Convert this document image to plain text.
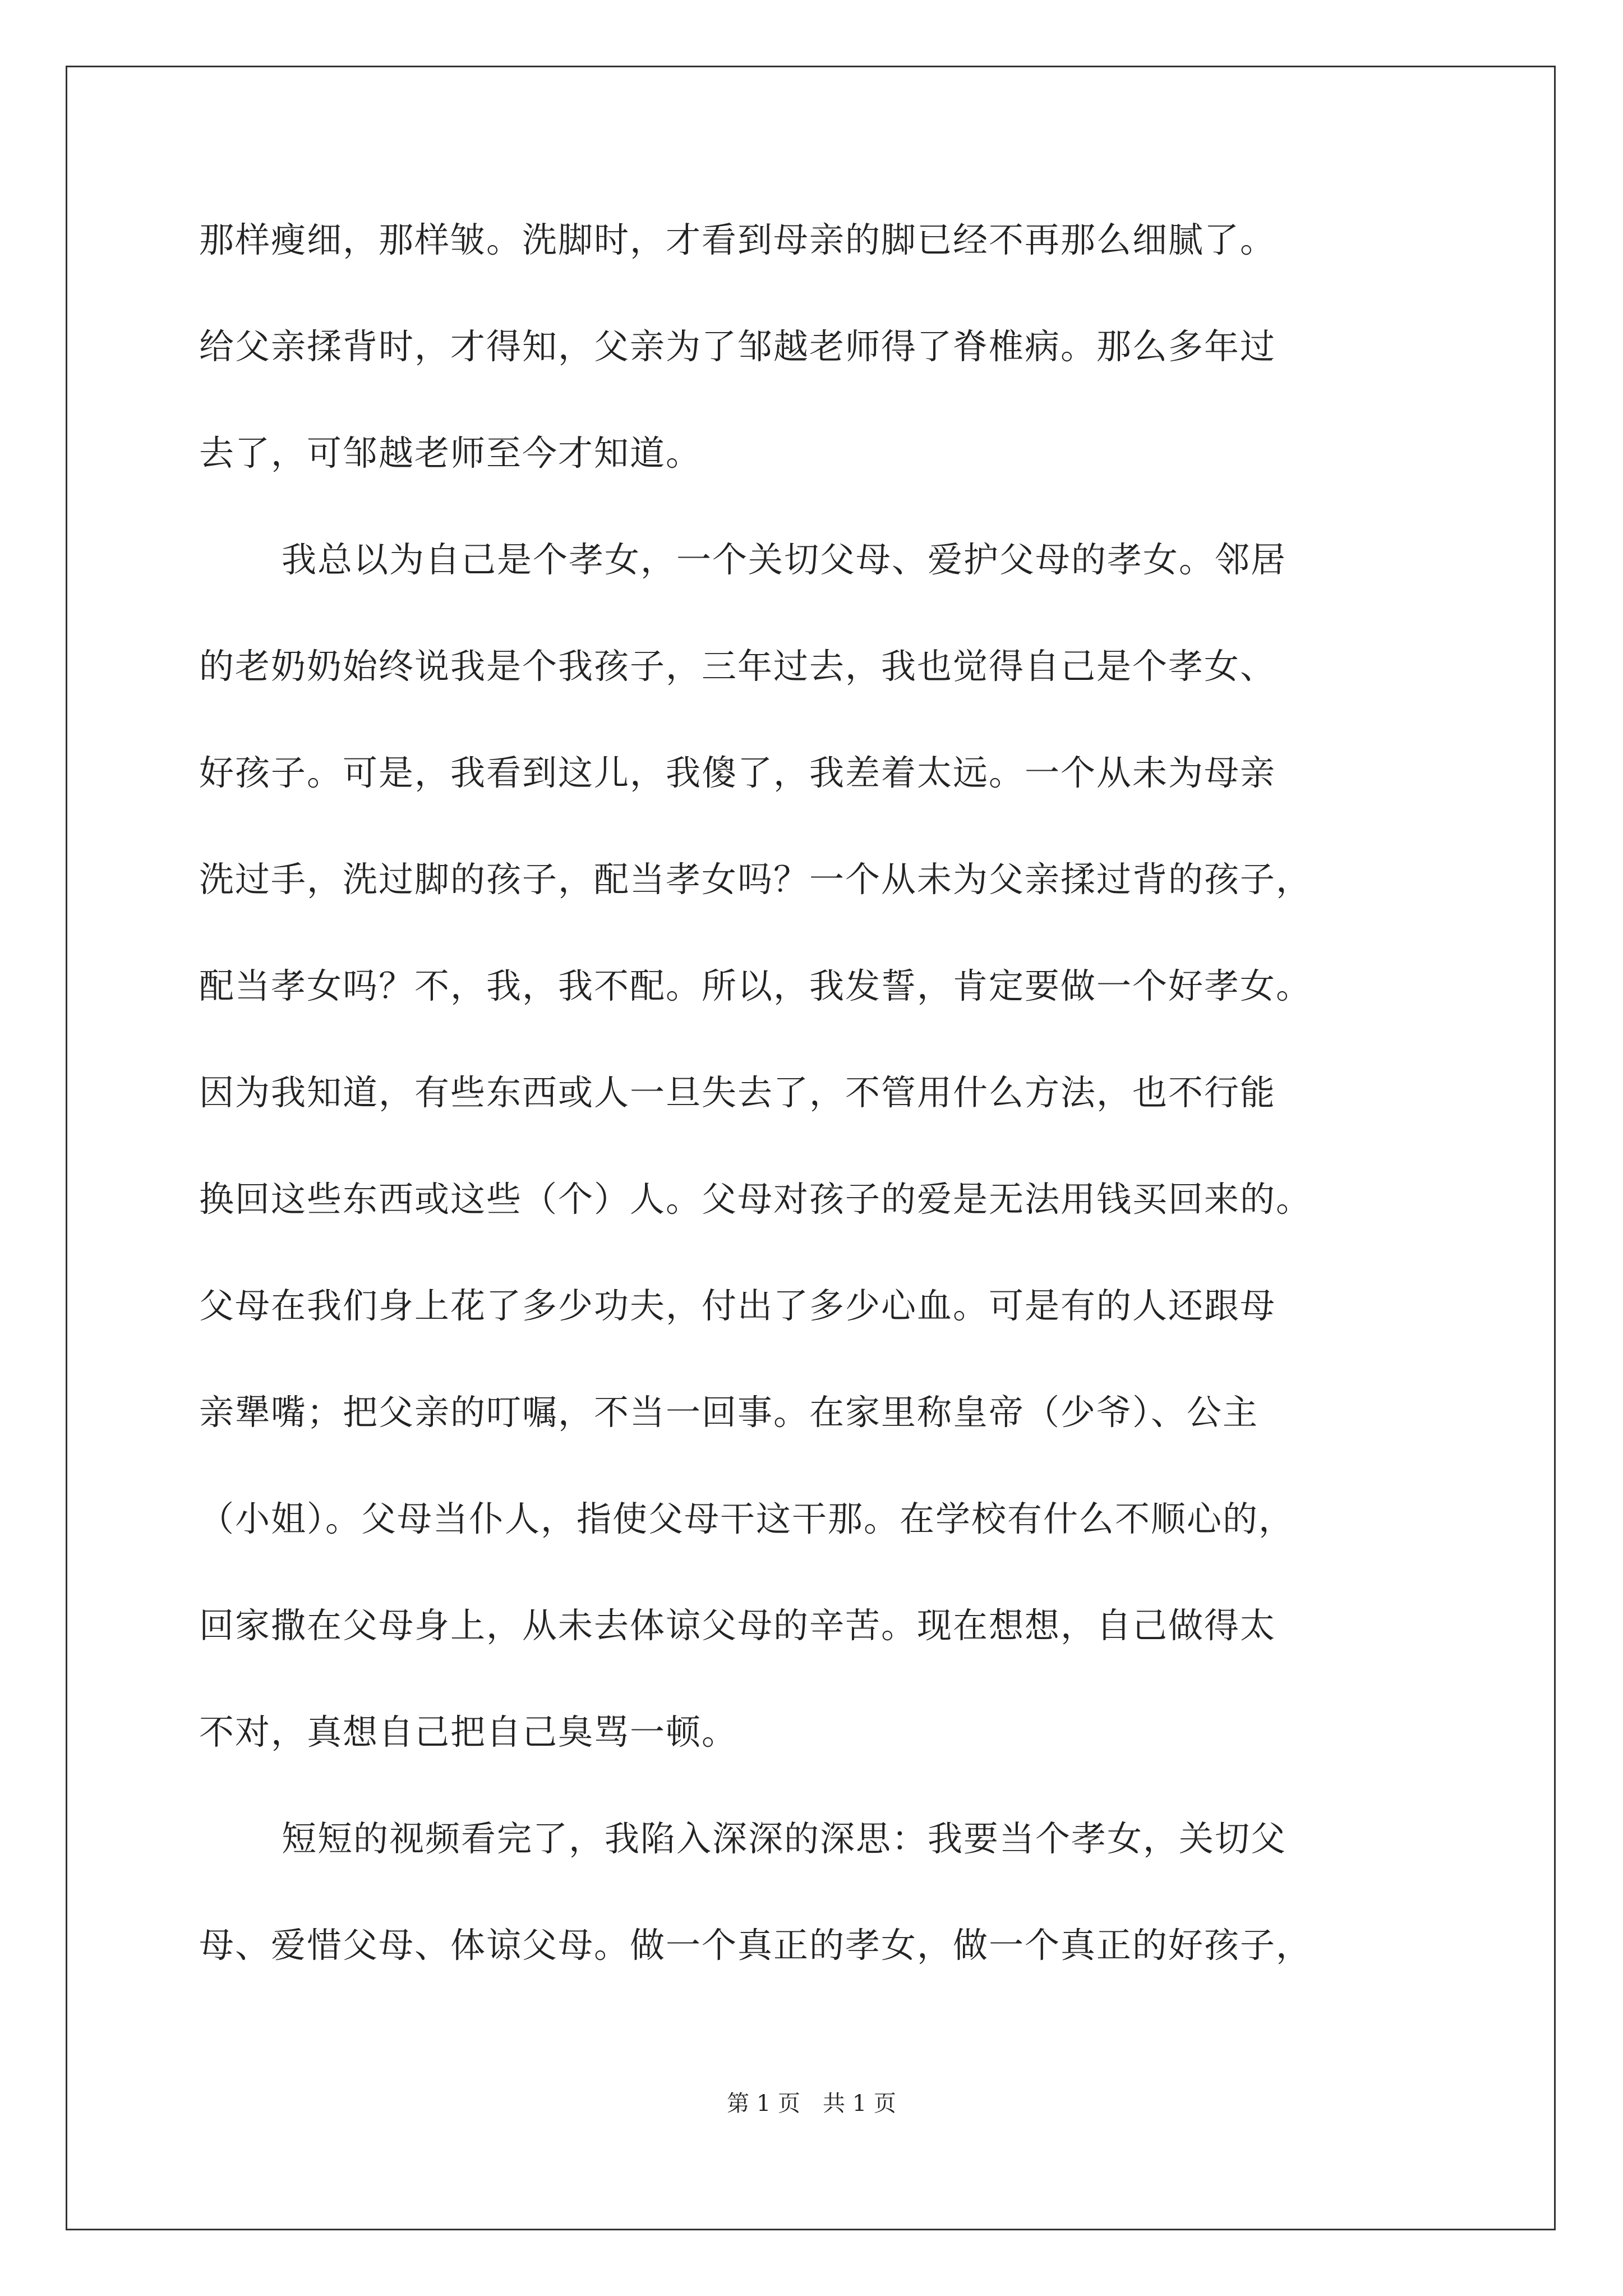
那样瘦细，那样皱。洗脚时，才看到母亲的脚已经不再那么细腻了。
给父亲揉背时，才得知，父亲为了邹越老师得了脊椎病。那么多年过
去了，可邹越老师至今才知道。
我总以为自己是个孝女，一个关切父母、爱护父母的孝女。邻居
的老奶奶始终说我是个我孩子，三年过去，我也觉得自己是个孝女、
好孩子。可是，我看到这儿，我傻了，我差着太远。一个从未为母亲
洗过手，洗过脚的孩子，配当孝女吗？一个从未为父亲揉过背的孩子，
配当孝女吗？不，我，我不配。所以，我发誓，肯定要做一个好孝女。
因为我知道，有些东西或人一旦失去了，不管用什么方法，也不行能
换回这些东西或这些（个）人。父母对孩子的爱是无法用钱买回来的。
父母在我们身上花了多少功夫，付出了多少心血。可是有的人还跟母
亲犟嘴；把父亲的叮嘱，不当一回事。在家里称皇帝（少爷）、公主
（小姐）。父母当仆人，指使父母干这干那。在学校有什么不顺心的，
回家撒在父母身上，从未去体谅父母的辛苦。现在想想，自己做得太
不对，真想自己把自己臭骂一顿。
短短的视频看完了，我陷入深深的深思：我要当个孝女，关切父
母、爱惜父母、体谅父母。做一个真正的孝女，做一个真正的好孩子，
第 1 页　共 1 页
